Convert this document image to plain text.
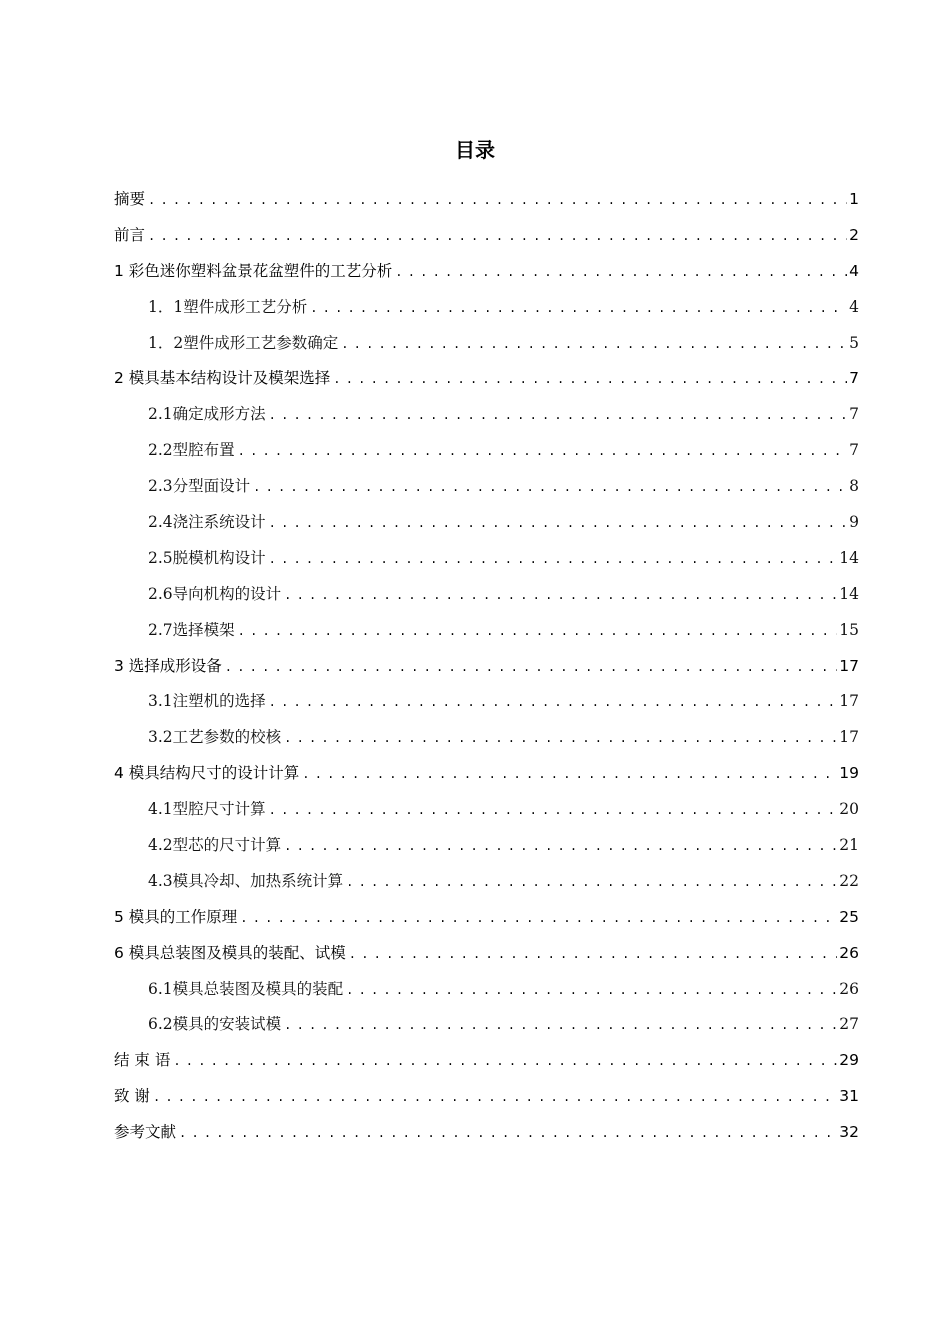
目录
摘要 .....	1
前言 .....	2
1 彩色迷你塑料盆景花盆塑件的工艺分析 .....	4
1．1塑件成形工艺分析 .....	4
1．2塑件成形工艺参数确定 .....	5
2 模具基本结构设计及模架选择 .....	7
2.1确定成形方法 .....	7
2.2型腔布置 .....	7
2.3分型面设计 .....	8
2.4浇注系统设计 .....	9
2.5脱模机构设计 .....	14
2.6导向机构的设计 .....	14
2.7选择模架 .....	15
3 选择成形设备 .....	17
3.1注塑机的选择 .....	17
3.2工艺参数的校核 .....	17
4 模具结构尺寸的设计计算 .....	19
4.1型腔尺寸计算 .....	20
4.2型芯的尺寸计算 .....	21
4.3模具冷却、加热系统计算 .....	22
5 模具的工作原理 .....	25
6 模具总装图及模具的装配、试模 .....	26
6.1模具总装图及模具的装配 .....	26
6.2模具的安装试模 .....	27
结 束 语 .....	29
致 谢 .....	31
参考文献 .....	32
